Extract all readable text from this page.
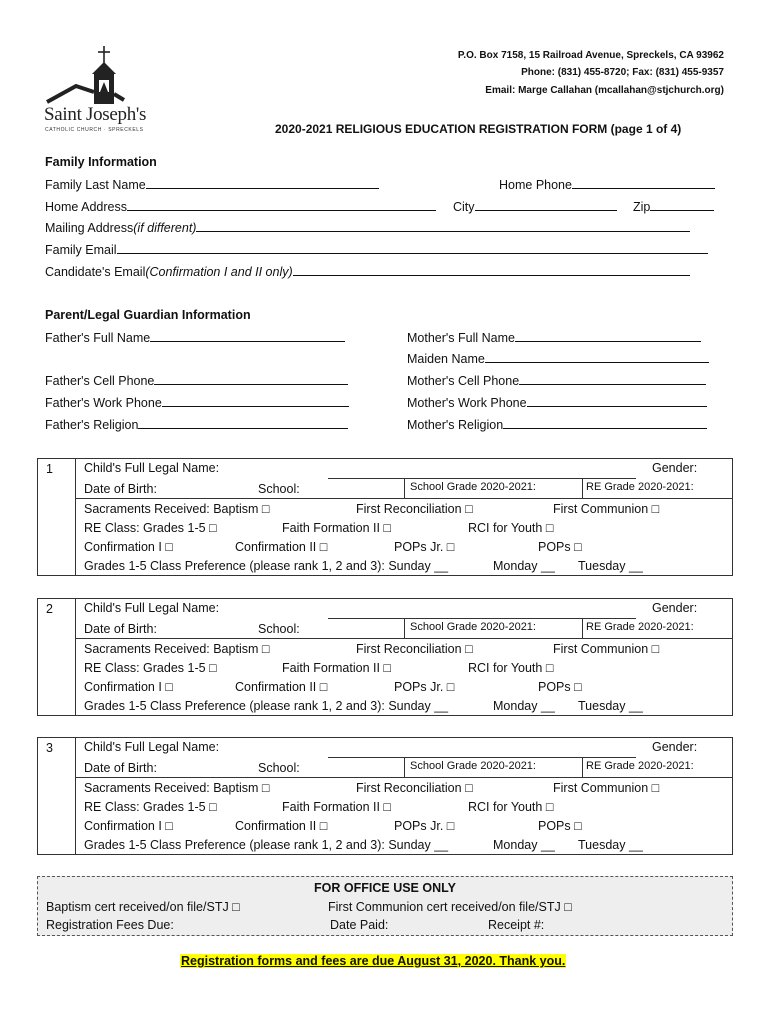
Saint Joseph's
CATHOLIC CHURCH · SPRECKELS
P.O. Box 7158, 15 Railroad Avenue, Spreckels, CA 93962
Phone: (831) 455-8720; Fax: (831) 455-9357
Email: Marge Callahan (mcallahan@stjchurch.org)
2020-2021 RELIGIOUS EDUCATION REGISTRATION FORM (page 1 of 4)
Family Information
Family Last Name	Home Phone
Home Address	City	Zip
Mailing Address(if different)
Family Email
Candidate's Email(Confirmation I and II only)
Parent/Legal Guardian Information
Father's Full Name	Mother's Full Name
Maiden Name
Father's Cell Phone	Mother's Cell Phone
Father's Work Phone	Mother's Work Phone
Father's Religion	Mother's Religion
1 Child's Full Legal Name:	Gender:
Date of Birth:	School:	School Grade 2020-2021:	RE Grade 2020-2021:
Sacraments Received: Baptism □	First Reconciliation □	First Communion □
RE Class: Grades 1-5 □	Faith Formation II □	RCI for Youth □
Confirmation I □	Confirmation II □	POPs Jr. □	POPs □
Grades 1-5 Class Preference (please rank 1, 2 and 3): Sunday __	Monday __ Tuesday __
2 Child's Full Legal Name:	Gender:
Date of Birth:	School:	School Grade 2020-2021:	RE Grade 2020-2021:
Sacraments Received: Baptism □	First Reconciliation □	First Communion □
RE Class: Grades 1-5 □	Faith Formation II □	RCI for Youth □
Confirmation I □	Confirmation II □	POPs Jr. □	POPs □
Grades 1-5 Class Preference (please rank 1, 2 and 3): Sunday __	Monday __ Tuesday __
3 Child's Full Legal Name:	Gender:
Date of Birth:	School:	School Grade 2020-2021:	RE Grade 2020-2021:
Sacraments Received: Baptism □	First Reconciliation □	First Communion □
RE Class: Grades 1-5 □	Faith Formation II □	RCI for Youth □
Confirmation I □	Confirmation II □	POPs Jr. □	POPs □
Grades 1-5 Class Preference (please rank 1, 2 and 3): Sunday __	Monday __ Tuesday __
FOR OFFICE USE ONLY
Baptism cert received/on file/STJ □	First Communion cert received/on file/STJ □
Registration Fees Due:	Date Paid:	Receipt #:
Registration forms and fees are due August 31, 2020. Thank you.
